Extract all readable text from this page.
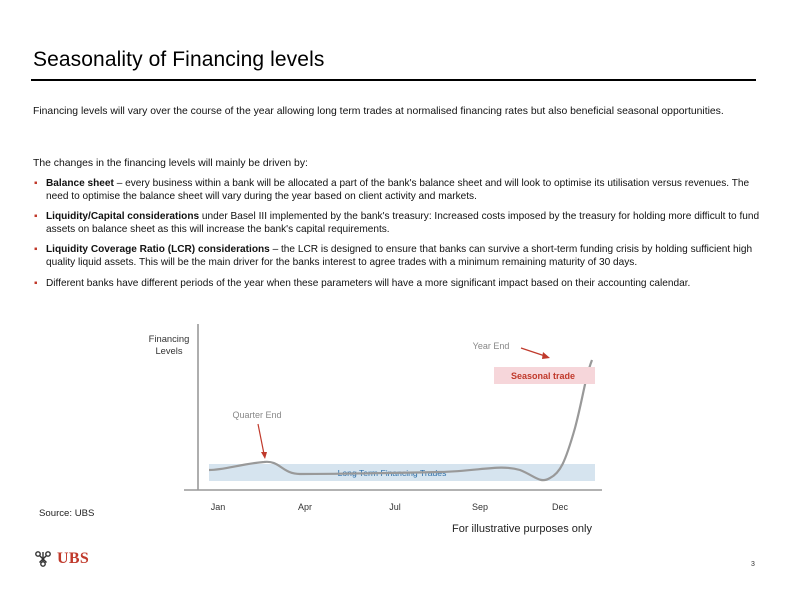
Seasonality of Financing levels
Financing levels will vary over the course of the year allowing long term trades at normalised financing rates but also beneficial seasonal opportunities.
The changes in the financing levels will mainly be driven by:
▪ Balance sheet – every business within a bank will be allocated a part of the bank's balance sheet and will look to optimise its utilisation versus revenues. The need to optimise the balance sheet will vary during the year based on client activity and markets.
▪ Liquidity/Capital considerations under Basel III implemented by the bank's treasury: Increased costs imposed by the treasury for holding more difficult to fund assets on balance sheet as this will increase the bank's capital requirements.
▪ Liquidity Coverage Ratio (LCR) considerations – the LCR is designed to ensure that banks can survive a short-term funding crisis by holding sufficient high quality liquid assets. This will be the main driver for the banks interest to agree trades with a minimum remaining maturity of 30 days.
▪ Different banks have different periods of the year when these parameters will have a more significant impact based on their accounting calendar.
Long Term Financing Trades
Financing
Levels
Quarter End
Year End
Seasonal trade
Jan	Apr	Jul	Sep	Dec
For illustrative purposes only
Source: UBS
UBS	3
